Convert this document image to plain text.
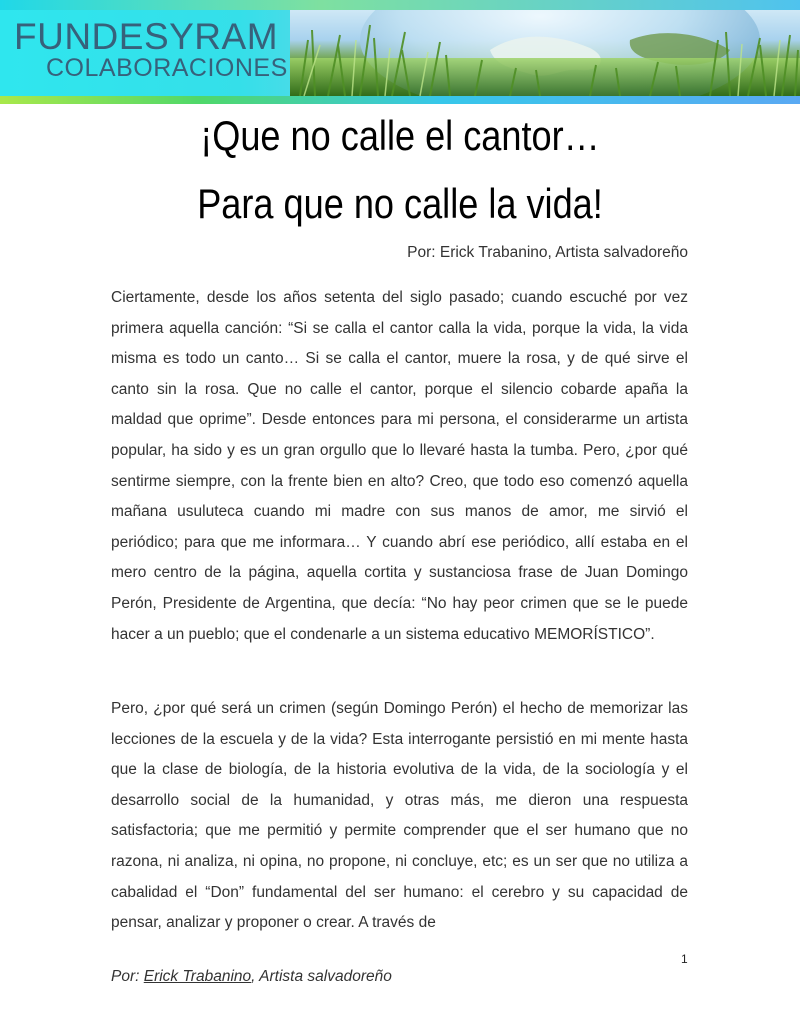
FUNDESYRAM
COLABORACIONES
¡Que no calle el cantor…
Para que no calle la vida!
Por: Erick Trabanino, Artista salvadoreño

Ciertamente, desde los años setenta del siglo pasado; cuando escuché por vez primera aquella canción: “Si se calla el cantor calla la vida, porque la vida, la vida misma es todo un canto… Si se calla el cantor, muere la rosa, y de qué sirve el canto sin la rosa. Que no calle el cantor, porque el silencio cobarde apaña la maldad que oprime”. Desde entonces para mi persona, el considerarme un artista popular, ha sido y es un gran orgullo que lo llevaré hasta la tumba. Pero, ¿por qué sentirme siempre, con la frente bien en alto? Creo, que todo eso comenzó aquella mañana usuluteca cuando mi madre con sus manos de amor, me sirvió el periódico; para que me informara… Y cuando abrí ese periódico, allí estaba en el mero centro de la página, aquella cortita y sustanciosa frase de Juan Domingo Perón, Presidente de Argentina, que decía: “No hay peor crimen que se le puede hacer a un pueblo; que el condenarle a un sistema educativo MEMORÍSTICO”.

Pero, ¿por qué será un crimen (según Domingo Perón) el hecho de memorizar las lecciones de la escuela y de la vida? Esta interrogante persistió en mi mente hasta que la clase de biología, de la historia evolutiva de la vida, de la sociología y el desarrollo social de la humanidad, y otras más, me dieron una respuesta satisfactoria; que me permitió y permite comprender que el ser humano que no razona, ni analiza, ni opina, no propone, ni concluye, etc; es un ser que no utiliza a cabalidad el “Don” fundamental del ser humano: el cerebro y su capacidad de pensar, analizar y proponer o crear. A través de

1
Por: Erick Trabanino, Artista salvadoreño
